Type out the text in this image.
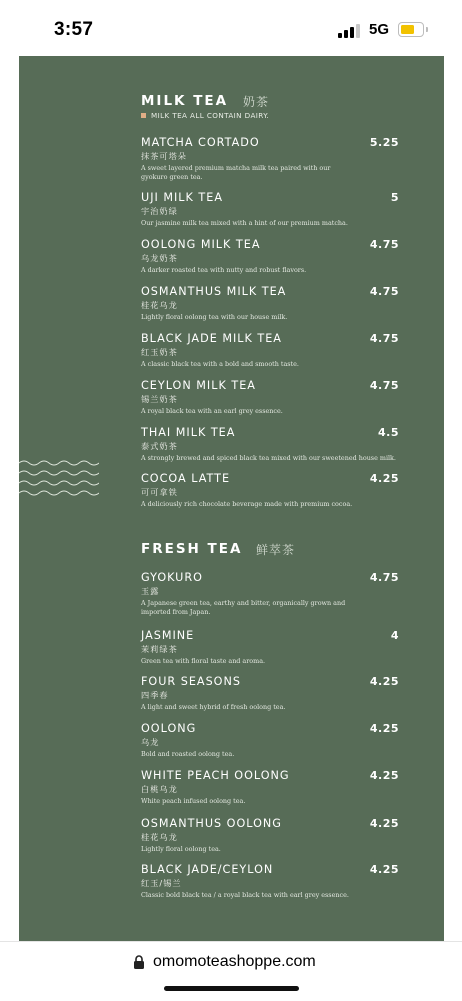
3:57	5G
MILK TEA 奶茶
MILK TEA ALL CONTAIN DAIRY.
MATCHA CORTADO
抹茶可塔朵
A sweet layered premium matcha milk tea paired with our gyokuro green tea.
5.25
UJI MILK TEA
宇治奶绿
Our jasmine milk tea mixed with a hint of our premium matcha.
5
OOLONG MILK TEA
乌龙奶茶
A darker roasted tea with nutty and robust flavors.
4.75
OSMANTHUS MILK TEA
桂花乌龙
Lightly floral oolong tea with our house milk.
4.75
BLACK JADE MILK TEA
红玉奶茶
A classic black tea with a bold and smooth taste.
4.75
CEYLON MILK TEA
锡兰奶茶
A royal black tea with an earl grey essence.
4.75
THAI MILK TEA
泰式奶茶
A strongly brewed and spiced black tea mixed with our sweetened house milk.
4.5
COCOA LATTE
可可拿铁
A deliciously rich chocolate beverage made with premium cocoa.
4.25
FRESH TEA 鲜萃茶
GYOKURO
玉露
A Japanese green tea, earthy and bitter, organically grown and imported from Japan.
4.75
JASMINE
茉莉绿茶
Green tea with floral taste and aroma.
4
FOUR SEASONS
四季春
A light and sweet hybrid of fresh oolong tea.
4.25
OOLONG
乌龙
Bold and roasted oolong tea.
4.25
WHITE PEACH OOLONG
白桃乌龙
White peach infused oolong tea.
4.25
OSMANTHUS OOLONG
桂花乌龙
Lightly floral oolong tea.
4.25
BLACK JADE/CEYLON
红玉/锡兰
Classic bold black tea / a royal black tea with earl grey essence.
4.25
omomoteashoppe.com
